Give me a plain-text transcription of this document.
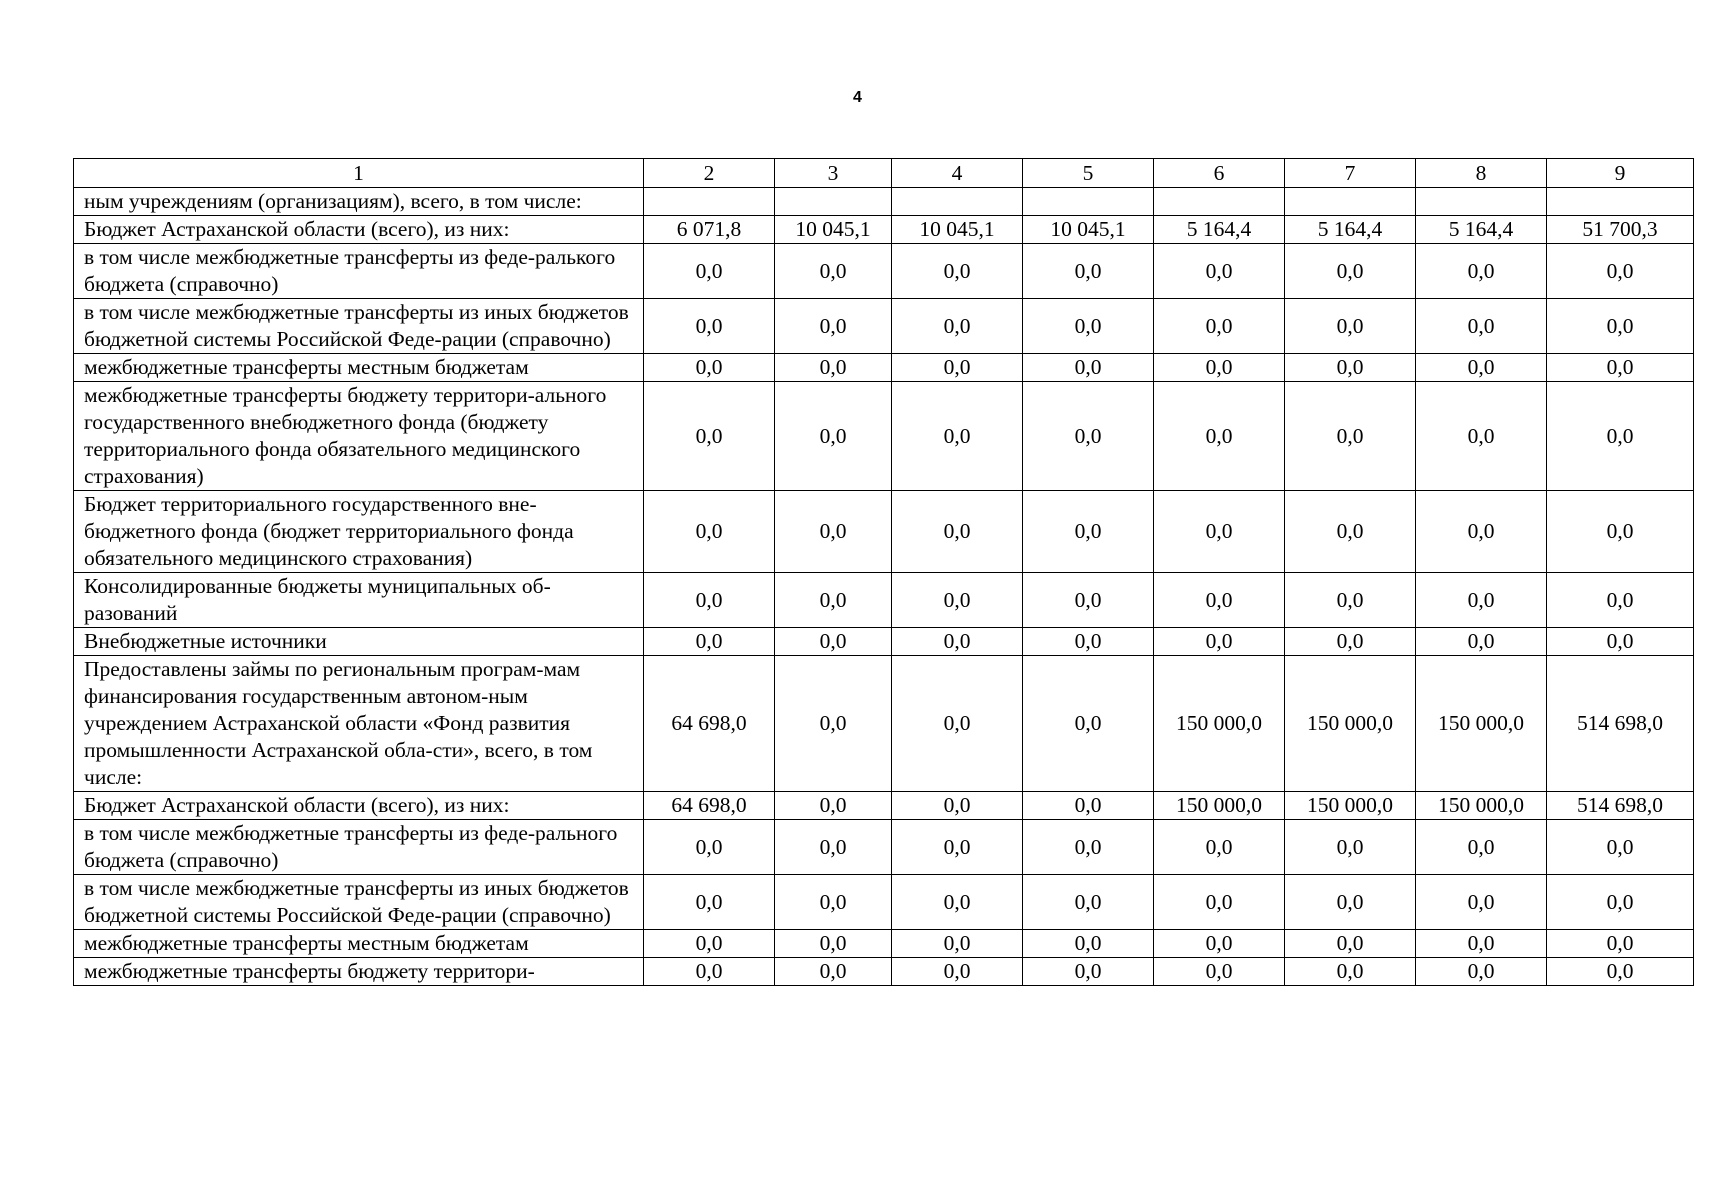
4
1	2	3	4	5	6	7	8	9
ным учреждениям (организациям), всего, в том числе:								
Бюджет Астраханской области (всего), из них:	6 071,8	10 045,1	10 045,1	10 045,1	5 164,4	5 164,4	5 164,4	51 700,3
в том числе межбюджетные трансферты из феде-ралького бюджета (справочно)	0,0	0,0	0,0	0,0	0,0	0,0	0,0	0,0
в том числе межбюджетные трансферты из иных бюджетов бюджетной системы Российской Феде-рации (справочно)	0,0	0,0	0,0	0,0	0,0	0,0	0,0	0,0
межбюджетные трансферты местным бюджетам	0,0	0,0	0,0	0,0	0,0	0,0	0,0	0,0
межбюджетные трансферты бюджету территори-ального государственного внебюджетного фонда (бюджету территориального фонда обязательного медицинского страхования)	0,0	0,0	0,0	0,0	0,0	0,0	0,0	0,0
Бюджет территориального государственного вне-бюджетного фонда (бюджет территориального фонда обязательного медицинского страхования)	0,0	0,0	0,0	0,0	0,0	0,0	0,0	0,0
Консолидированные бюджеты муниципальных об-разований	0,0	0,0	0,0	0,0	0,0	0,0	0,0	0,0
Внебюджетные источники	0,0	0,0	0,0	0,0	0,0	0,0	0,0	0,0
Предоставлены займы по региональным програм-мам финансирования государственным автоном-ным учреждением Астраханской области «Фонд развития промышленности Астраханской обла-сти», всего, в том числе:	64 698,0	0,0	0,0	0,0	150 000,0	150 000,0	150 000,0	514 698,0
Бюджет Астраханской области (всего), из них:	64 698,0	0,0	0,0	0,0	150 000,0	150 000,0	150 000,0	514 698,0
в том числе межбюджетные трансферты из феде-рального бюджета (справочно)	0,0	0,0	0,0	0,0	0,0	0,0	0,0	0,0
в том числе межбюджетные трансферты из иных бюджетов бюджетной системы Российской Феде-рации (справочно)	0,0	0,0	0,0	0,0	0,0	0,0	0,0	0,0
межбюджетные трансферты местным бюджетам	0,0	0,0	0,0	0,0	0,0	0,0	0,0	0,0
межбюджетные трансферты бюджету территори-	0,0	0,0	0,0	0,0	0,0	0,0	0,0	0,0
